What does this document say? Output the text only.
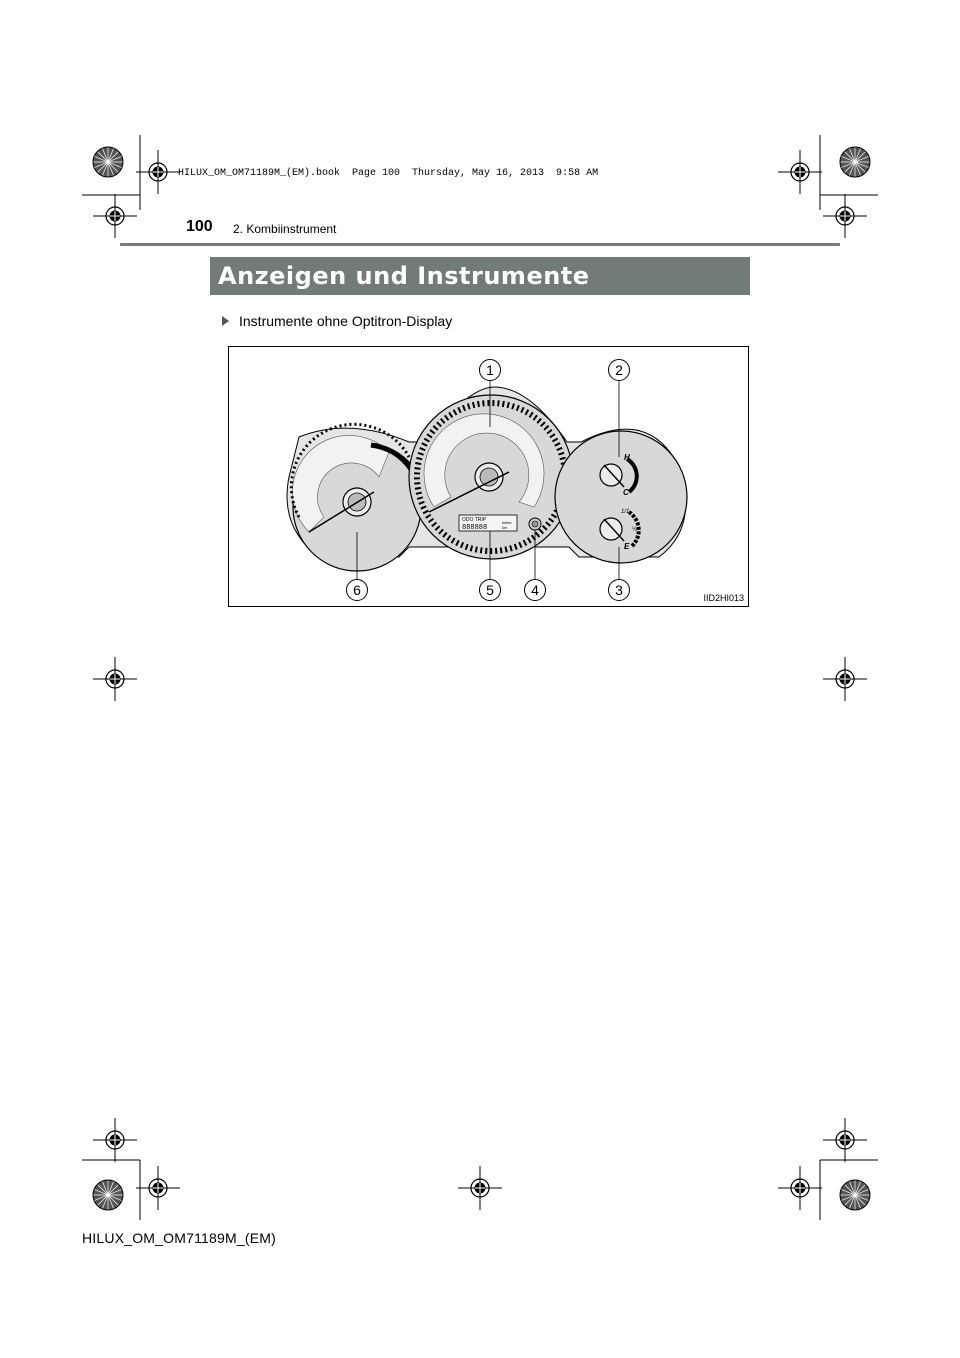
HILUX_OM_OM71189M_(EM).book  Page 100  Thursday, May 16, 2013  9:58 AM
100 2. Kombiinstrument
Anzeigen und Instrumente
Instrumente ohne Optitron-Display
ODO TRIP
888888
miles
km
H
C
1/1
½
E
1	2
3
4
5
6	IID2HI013
HILUX_OM_OM71189M_(EM)
